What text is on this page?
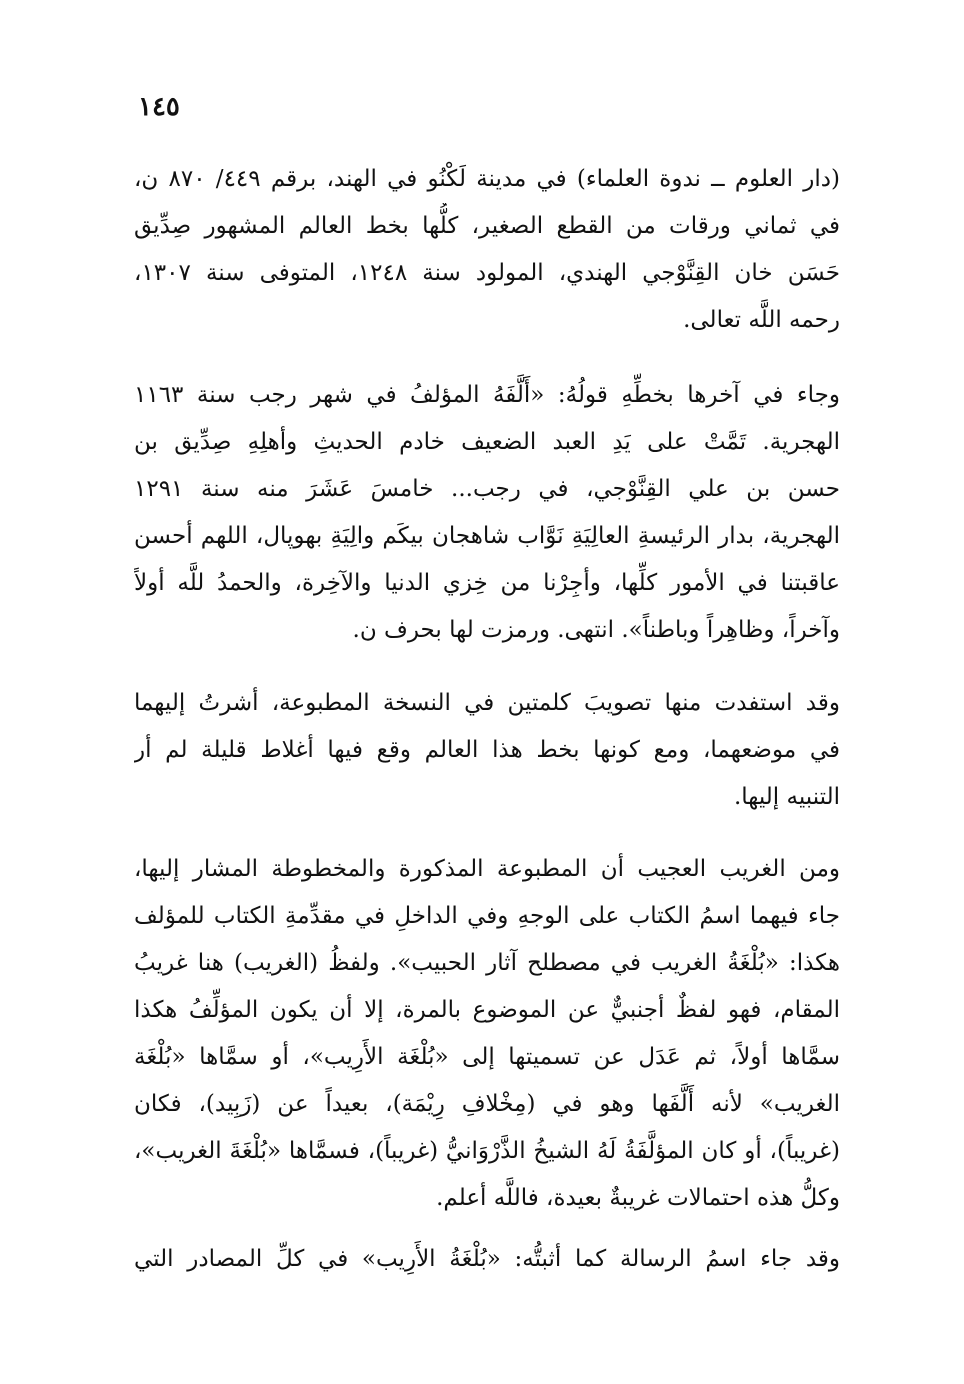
١٤٥
(دار العلوم ــ ندوة العلماء) في مدينة لَكْنُو في الهند، برقم ٤٤٩/ ٨٧٠ ن،
في ثماني ورقات من القطع الصغير، كلُّها بخط العالم المشهور صِدِّيق
حَسَن خان القِنَّوْجي الهندي، المولود سنة ١٢٤٨، المتوفى سنة ١٣٠٧،
رحمه اللَّه تعالى.
وجاء في آخرها بخطِّهِ قولُهُ: «أَلَّفَهُ المؤلفُ في شهر رجب سنة ١١٦٣
الهجرية. تَمَّتْ على يَدِ العبد الضعيف خادم الحديثِ وأهلِهِ صِدِّيق بن
حسن بن علي القِنَّوْجي، في رجب... خامسَ عَشَرَ منه سنة ١٢٩١
الهجرية، بدار الرئيسةِ العالِيَةِ نَوَّاب شاهجان بيكَم والِيَةِ بهوپال، اللهم أحسن
عاقبتنا في الأمور كلِّها، وأجِرْنا من خِزي الدنيا والآخِرة، والحمدُ للَّه أولاً
وآخراً، وظاهِراً وباطناً». انتهى. ورمزت لها بحرف ن.
وقد استفدت منها تصويبَ كلمتين في النسخة المطبوعة، أشرتُ إليهما
في موضعهما، ومع كونها بخط هذا العالم وقع فيها أغلاط قليلة لم أر
التنبيه إليها.
ومن الغريب العجيب أن المطبوعة المذكورة والمخطوطة المشار إليها،
جاء فيهما اسمُ الكتاب على الوجهِ وفي الداخلِ في مقدِّمةِ الكتاب للمؤلف
هكذا: «بُلْغَةُ الغريب في مصطلح آثار الحبيب». ولفظُ (الغريب) هنا غريبُ
المقام، فهو لفظٌ أجنبيٌّ عن الموضوع بالمرة، إلا أن يكون المؤلِّفُ هكذا
سمَّاها أولاً، ثم عَدَل عن تسميتها إلى «بُلْغَة الأَرِيب»، أو سمَّاها «بُلْغَة
الغريب» لأنه أَلَّفَها وهو في (مِخْلافِ رِيْمَة)، بعيداً عن (زَبِيد)، فكان
(غريباً)، أو كان المؤلَّفَةُ لَهُ الشيخُ الذَّرْوَانيُّ (غريباً)، فسمَّاها «بُلْغَةَ الغريب»،
وكلُّ هذه احتمالات غريبةٌ بعيدة، فاللَّه أعلم.
وقد جاء اسمُ الرسالة كما أثبتُّه: «بُلْغَةُ الأَرِيب» في كلِّ المصادر التي
